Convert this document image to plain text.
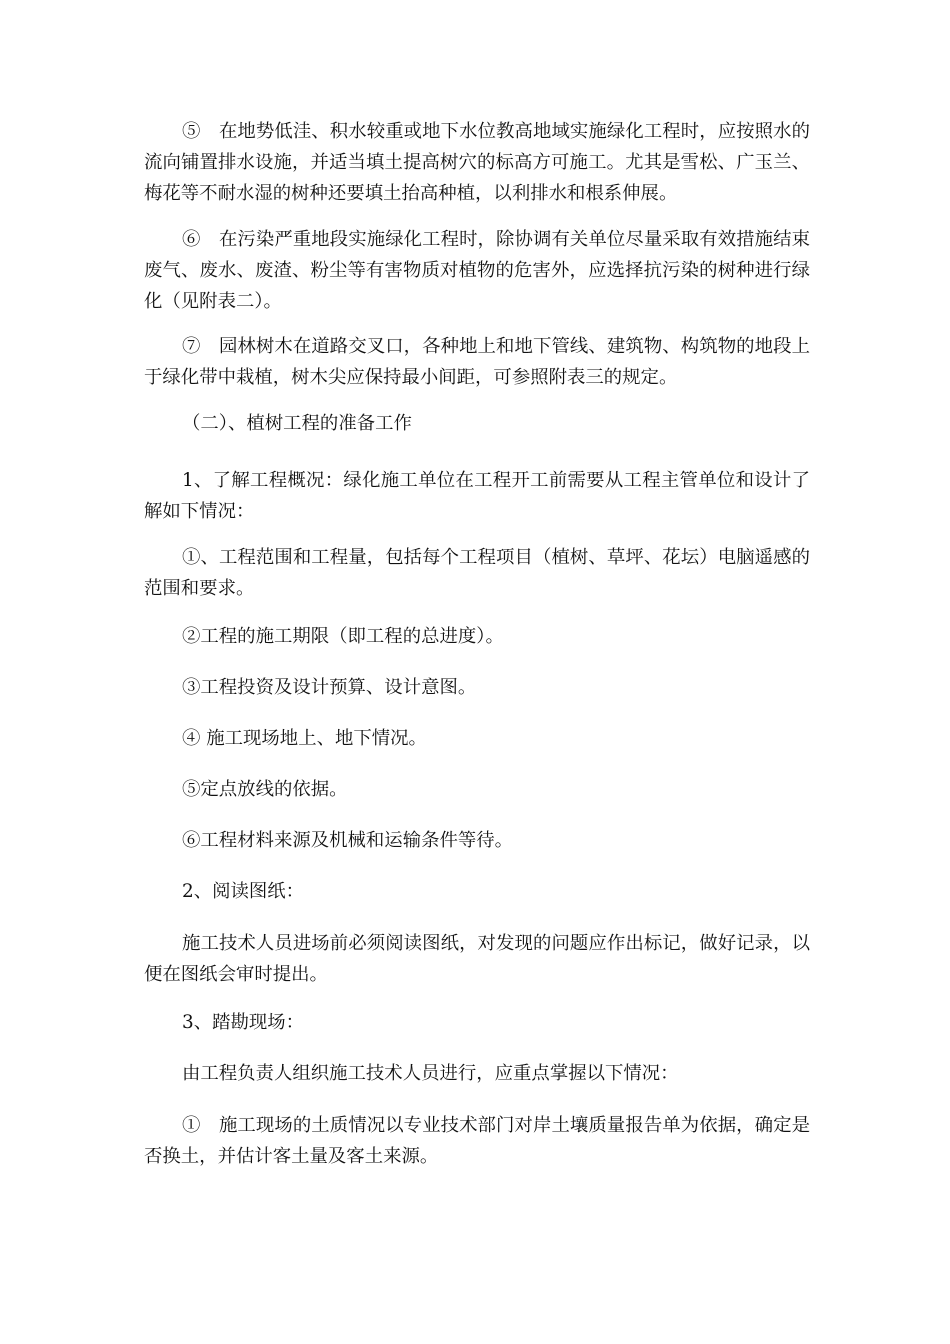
⑤　在地势低洼、积水较重或地下水位教高地域实施绿化工程时，应按照水的流向铺置排水设施，并适当填土提高树穴的标高方可施工。尤其是雪松、广玉兰、梅花等不耐水湿的树种还要填土抬高种植，以利排水和根系伸展。

⑥　在污染严重地段实施绿化工程时，除协调有关单位尽量采取有效措施结束废气、废水、废渣、粉尘等有害物质对植物的危害外，应选择抗污染的树种进行绿化（见附表二）。

⑦　园林树木在道路交叉口，各种地上和地下管线、建筑物、构筑物的地段上于绿化带中栽植，树木尖应保持最小间距，可参照附表三的规定。

（二）、植树工程的准备工作

1、了解工程概况：绿化施工单位在工程开工前需要从工程主管单位和设计了解如下情况：

①、工程范围和工程量，包括每个工程项目（植树、草坪、花坛）电脑遥感的范围和要求。

②工程的施工期限（即工程的总进度）。

③工程投资及设计预算、设计意图。

④ 施工现场地上、地下情况。

⑤定点放线的依据。

⑥工程材料来源及机械和运输条件等待。

2、阅读图纸：

施工技术人员进场前必须阅读图纸，对发现的问题应作出标记，做好记录，以便在图纸会审时提出。

3、踏勘现场：

由工程负责人组织施工技术人员进行，应重点掌握以下情况：

①　施工现场的土质情况以专业技术部门对岸土壤质量报告单为依据，确定是否换土，并估计客土量及客土来源。
